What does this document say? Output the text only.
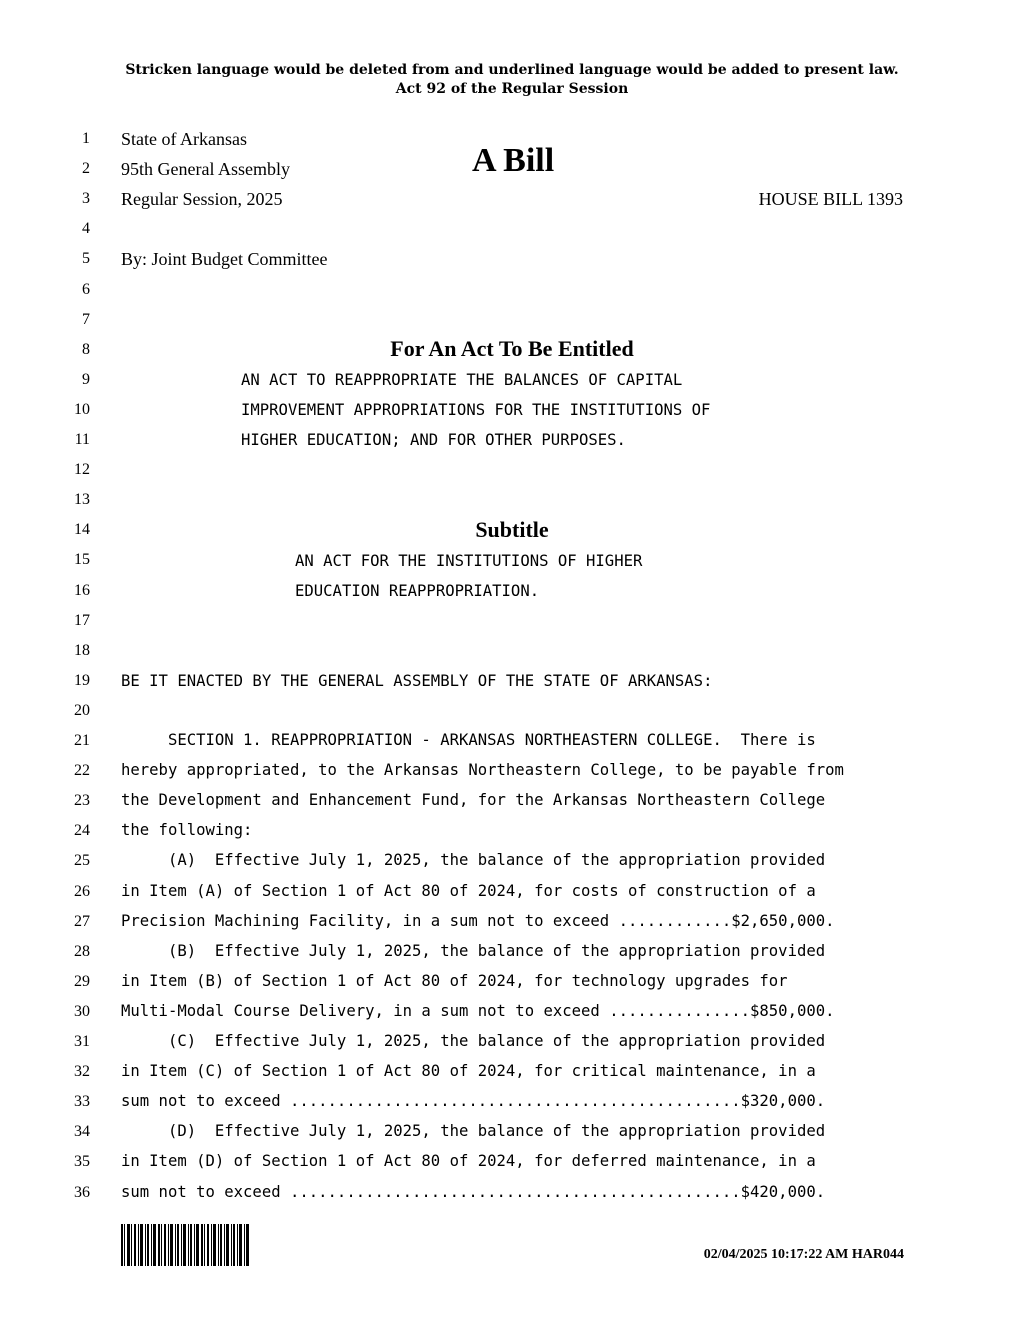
Stricken language would be deleted from and underlined language would be added to present law.
Act 92 of the Regular Session
1
2
3
4
5
6
7
8
9
10
11
12
13
14
15
16
17
18
19
20
21
22
23
24
25
26
27
28
29
30
31
32
33
34
35
36
State of Arkansas
95th General Assembly
Regular Session, 2025
A Bill
HOUSE BILL 1393
By: Joint Budget Committee
For An Act To Be Entitled
AN ACT TO REAPPROPRIATE THE BALANCES OF CAPITAL
IMPROVEMENT APPROPRIATIONS FOR THE INSTITUTIONS OF
HIGHER EDUCATION; AND FOR OTHER PURPOSES.
Subtitle
AN ACT FOR THE INSTITUTIONS OF HIGHER
EDUCATION REAPPROPRIATION.
BE IT ENACTED BY THE GENERAL ASSEMBLY OF THE STATE OF ARKANSAS:
SECTION 1. REAPPROPRIATION - ARKANSAS NORTHEASTERN COLLEGE.  There is
hereby appropriated, to the Arkansas Northeastern College, to be payable from
the Development and Enhancement Fund, for the Arkansas Northeastern College
the following:
(A)  Effective July 1, 2025, the balance of the appropriation provided
in Item (A) of Section 1 of Act 80 of 2024, for costs of construction of a
Precision Machining Facility, in a sum not to exceed ............$2,650,000.
(B)  Effective July 1, 2025, the balance of the appropriation provided
in Item (B) of Section 1 of Act 80 of 2024, for technology upgrades for
Multi-Modal Course Delivery, in a sum not to exceed ...............$850,000.
(C)  Effective July 1, 2025, the balance of the appropriation provided
in Item (C) of Section 1 of Act 80 of 2024, for critical maintenance, in a
sum not to exceed ................................................$320,000.
(D)  Effective July 1, 2025, the balance of the appropriation provided
in Item (D) of Section 1 of Act 80 of 2024, for deferred maintenance, in a
sum not to exceed ................................................$420,000.
02/04/2025 10:17:22 AM HAR044
